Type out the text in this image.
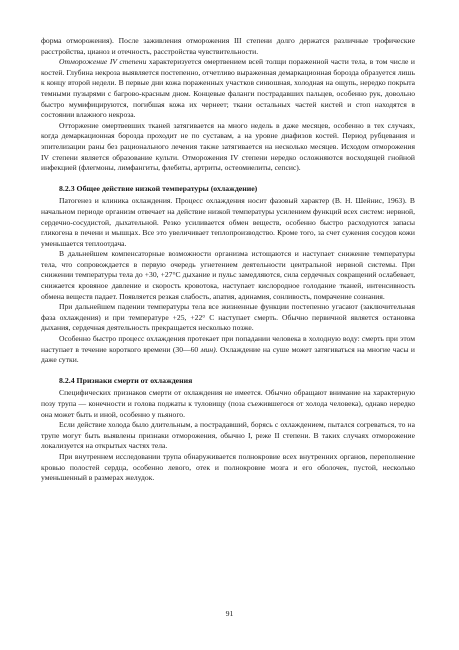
форма отморожения). После заживления отморожения III степени долго держатся различные трофические расстройства, цианоз и отечность, расстройства чувствительности.

Отморожение IV степени характеризуется омертвением всей толщи пораженной части тела, в том числе и костей. Глубина некроза выявляется постепенно, отчетливо выраженная демаркационная борозда образуется лишь к концу второй недели. В первые дни кожа пораженных участков синюшная, холодная на ощупь, нередко покрыта темными пузырями с багрово-красным дном. Концевые фаланги пострадавших пальцев, особенно рук, довольно быстро мумифицируются, погибшая кожа их чернеет; ткани остальных частей кистей и стоп находятся в состоянии влажного некроза.

Отторжение омертвевших тканей затягивается на много недель в даже месяцев, особенно в тех случаях, когда демаркационная борозда проходит не по суставам, а на уровне диафизов костей. Период рубцевания и эпителизации раны без рационального лечения также затягивается на несколько месяцев. Исходом отморожения IV степени является образование культи. Отморожения IV степени нередко осложняются восходящей гнойной инфекцией (флегмоны, лимфангиты, флебиты, артриты, остеомиелиты, сепсис).

8.2.3 Общее действие низкой температуры (охлаждение)

Патогенез и клиника охлаждения. Процесс охлаждения носит фазовый характер (В. Н. Шейнис, 1963). В начальном периоде организм отвечает на действие низкой температуры усилением функций всех систем: нервной, сердечно-сосудистой, дыхательной. Резко усиливается обмен веществ, особенно быстро расходуются запасы гликогена в печени и мышцах. Все это увеличивает теплопроизводство. Кроме того, за счет сужения сосудов кожи уменьшается теплоотдача.

В дальнейшем компенсаторные возможности организма истощаются и наступает снижение температуры тела, что сопровождается в первую очередь угнетением деятельности центральной нервной системы. При снижении температуры тела до +30, +27°С дыхание и пульс замедляются, сила сердечных сокращений ослабевает, снижается кровяное давление и скорость кровотока, наступает кислородное голодание тканей, интенсивность обмена веществ падает. Появляется резкая слабость, апатия, адинамия, сонливость, помрачение сознания.

При дальнейшем падении температуры тела все жизненные функции постепенно угасают (заключительная фаза охлаждения) и при температуре +25, +22° С наступает смерть. Обычно первичной является остановка дыхания, сердечная деятельность прекращается несколько позже.

Особенно быстро процесс охлаждения протекает при попадании человека в холодную воду: смерть при этом наступает в течение короткого времени (30—60 мин). Охлаждение на суше может затягиваться на многие часы и даже сутки.

8.2.4 Признаки смерти от охлаждения

Специфических признаков смерти от охлаждения не имеется. Обычно обращают внимание на характерную позу трупа — конечности и голова поджаты к туловищу (поза съежившегося от холода человека), однако нередко она может быть и иной, особенно у пьяного.

Если действие холода было длительным, а пострадавший, борясь с охлаждением, пытался согреваться, то на трупе могут быть выявлены признаки отморожения, обычно I, реже II степени. В таких случаях отморожение локализуется на открытых частях тела.

При внутреннем исследовании трупа обнаруживается полнокровие всех внутренних органов, переполнение кровью полостей сердца, особенно левого, отек и полнокровие мозга и его оболочек, пустой, несколько уменьшенный в размерах желудок.

91
